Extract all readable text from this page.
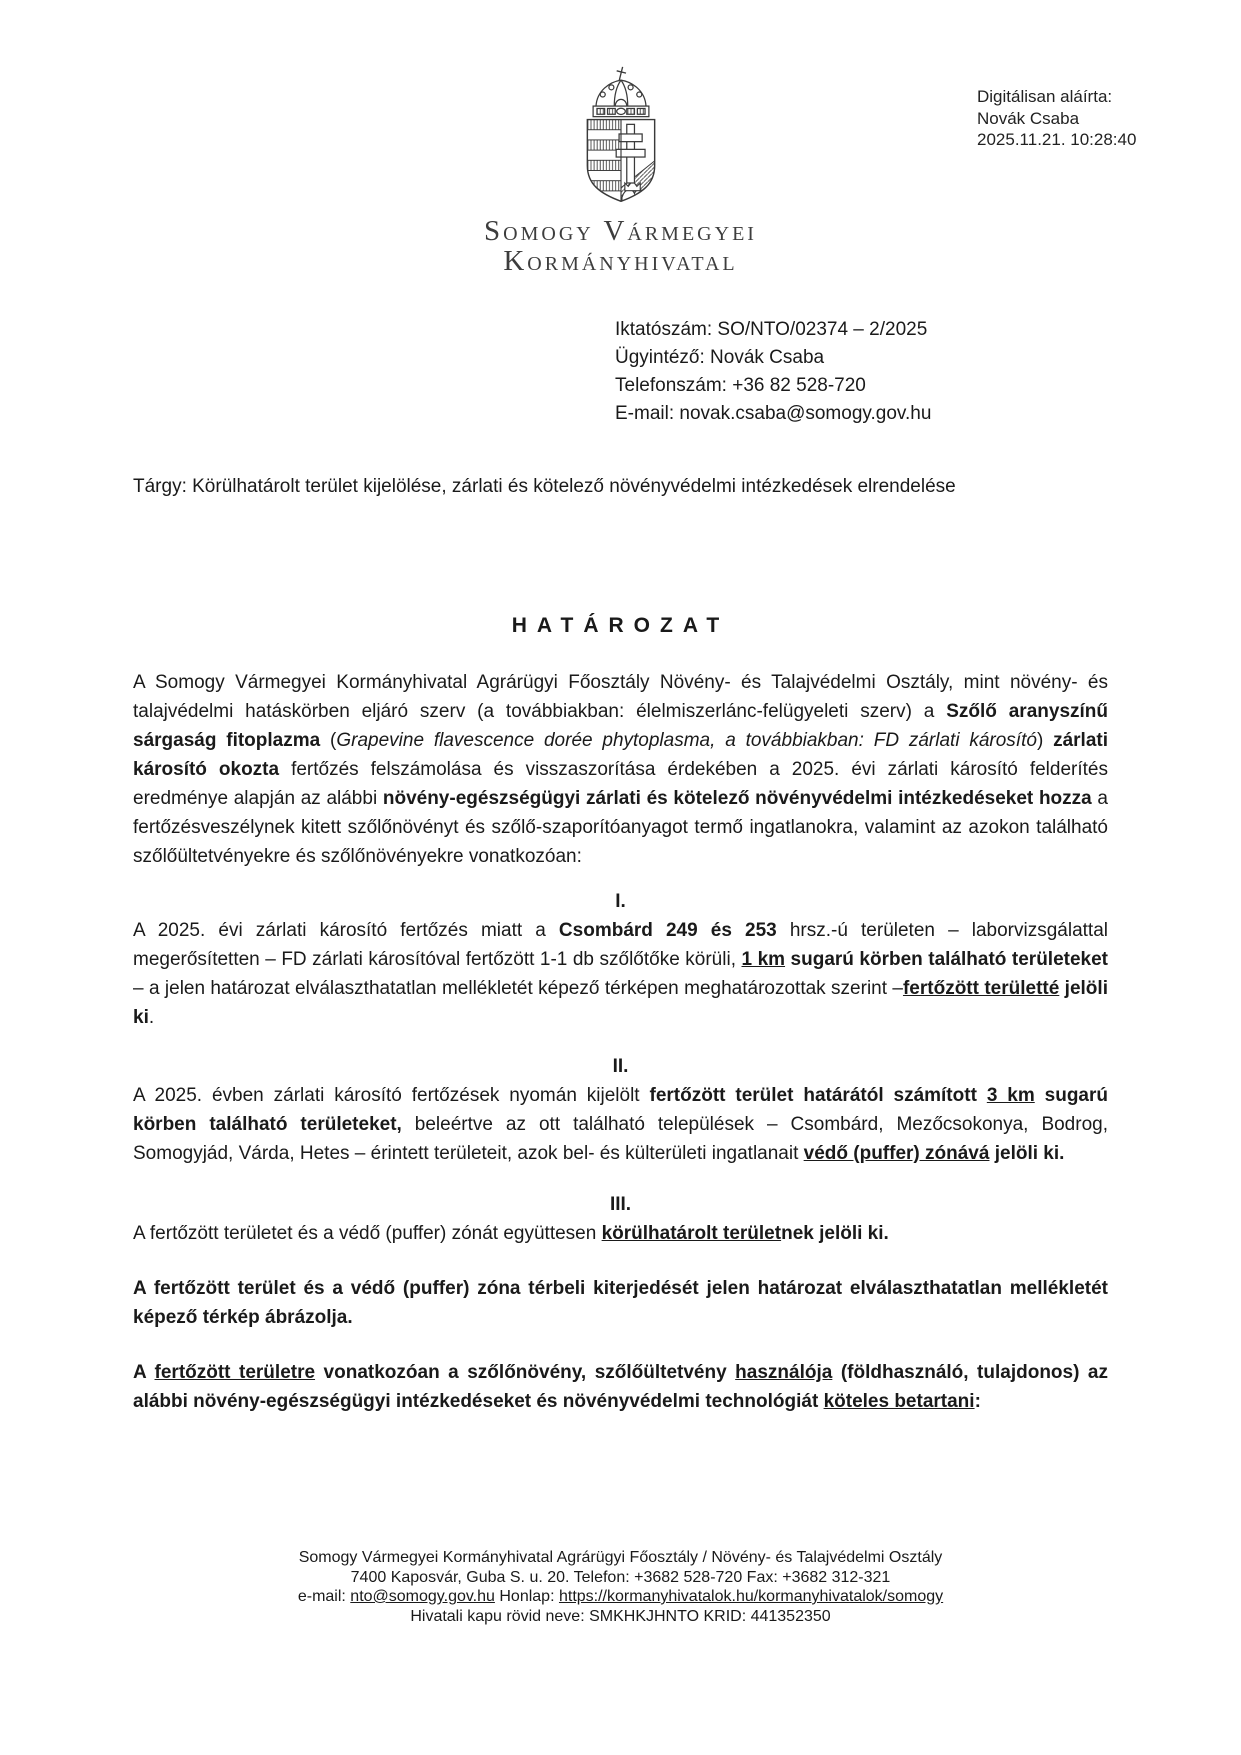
Digitálisan aláírta:
Novák Csaba
2025.11.21. 10:28:40
Somogy Vármegyei
Kormányhivatal
Iktatószám: SO/NTO/02374 – 2/2025
Ügyintéző: Novák Csaba
Telefonszám: +36 82 528-720
E-mail: novak.csaba@somogy.gov.hu
Tárgy: Körülhatárolt terület kijelölése, zárlati és kötelező növényvédelmi intézkedések elrendelése
HATÁROZAT

A Somogy Vármegyei Kormányhivatal Agrárügyi Főosztály Növény- és Talajvédelmi Osztály, mint növény- és talajvédelmi hatáskörben eljáró szerv (a továbbiakban: élelmiszerlánc-felügyeleti szerv) a Szőlő aranyszínű sárgaság fitoplazma (Grapevine flavescence dorée phytoplasma, a továbbiakban: FD zárlati károsító) zárlati károsító okozta fertőzés felszámolása és visszaszorítása érdekében a 2025. évi zárlati károsító felderítés eredménye alapján az alábbi növény-egészségügyi zárlati és kötelező növényvédelmi intézkedéseket hozza a fertőzésveszélynek kitett szőlőnövényt és szőlő-szaporítóanyagot termő ingatlanokra, valamint az azokon található szőlőültetvényekre és szőlőnövényekre vonatkozóan:

I.

A 2025. évi zárlati károsító fertőzés miatt a Csombárd 249 és 253 hrsz.-ú területen – laborvizsgálattal megerősítetten – FD zárlati károsítóval fertőzött 1-1 db szőlőtőke körüli, 1 km sugarú körben található területeket – a jelen határozat elválaszthatatlan mellékletét képező térképen meghatározottak szerint –fertőzött területté jelöli ki.

II.

A 2025. évben zárlati károsító fertőzések nyomán kijelölt fertőzött terület határától számított 3 km sugarú körben található területeket, beleértve az ott található települések – Csombárd, Mezőcsokonya, Bodrog, Somogyjád, Várda, Hetes – érintett területeit, azok bel- és külterületi ingatlanait védő (puffer) zónává jelöli ki.

III.

A fertőzött területet és a védő (puffer) zónát együttesen körülhatárolt területnek jelöli ki.

A fertőzött terület és a védő (puffer) zóna térbeli kiterjedését jelen határozat elválaszthatatlan mellékletét képező térkép ábrázolja.

A fertőzött területre vonatkozóan a szőlőnövény, szőlőültetvény használója (földhasználó, tulajdonos) az alábbi növény-egészségügyi intézkedéseket és növényvédelmi technológiát köteles betartani:

Somogy Vármegyei Kormányhivatal Agrárügyi Főosztály / Növény- és Talajvédelmi Osztály
7400 Kaposvár, Guba S. u. 20. Telefon: +3682 528-720 Fax: +3682 312-321
e-mail: nto@somogy.gov.hu Honlap: https://kormanyhivatalok.hu/kormanyhivatalok/somogy
Hivatali kapu rövid neve: SMKHKJHNTO KRID: 441352350
